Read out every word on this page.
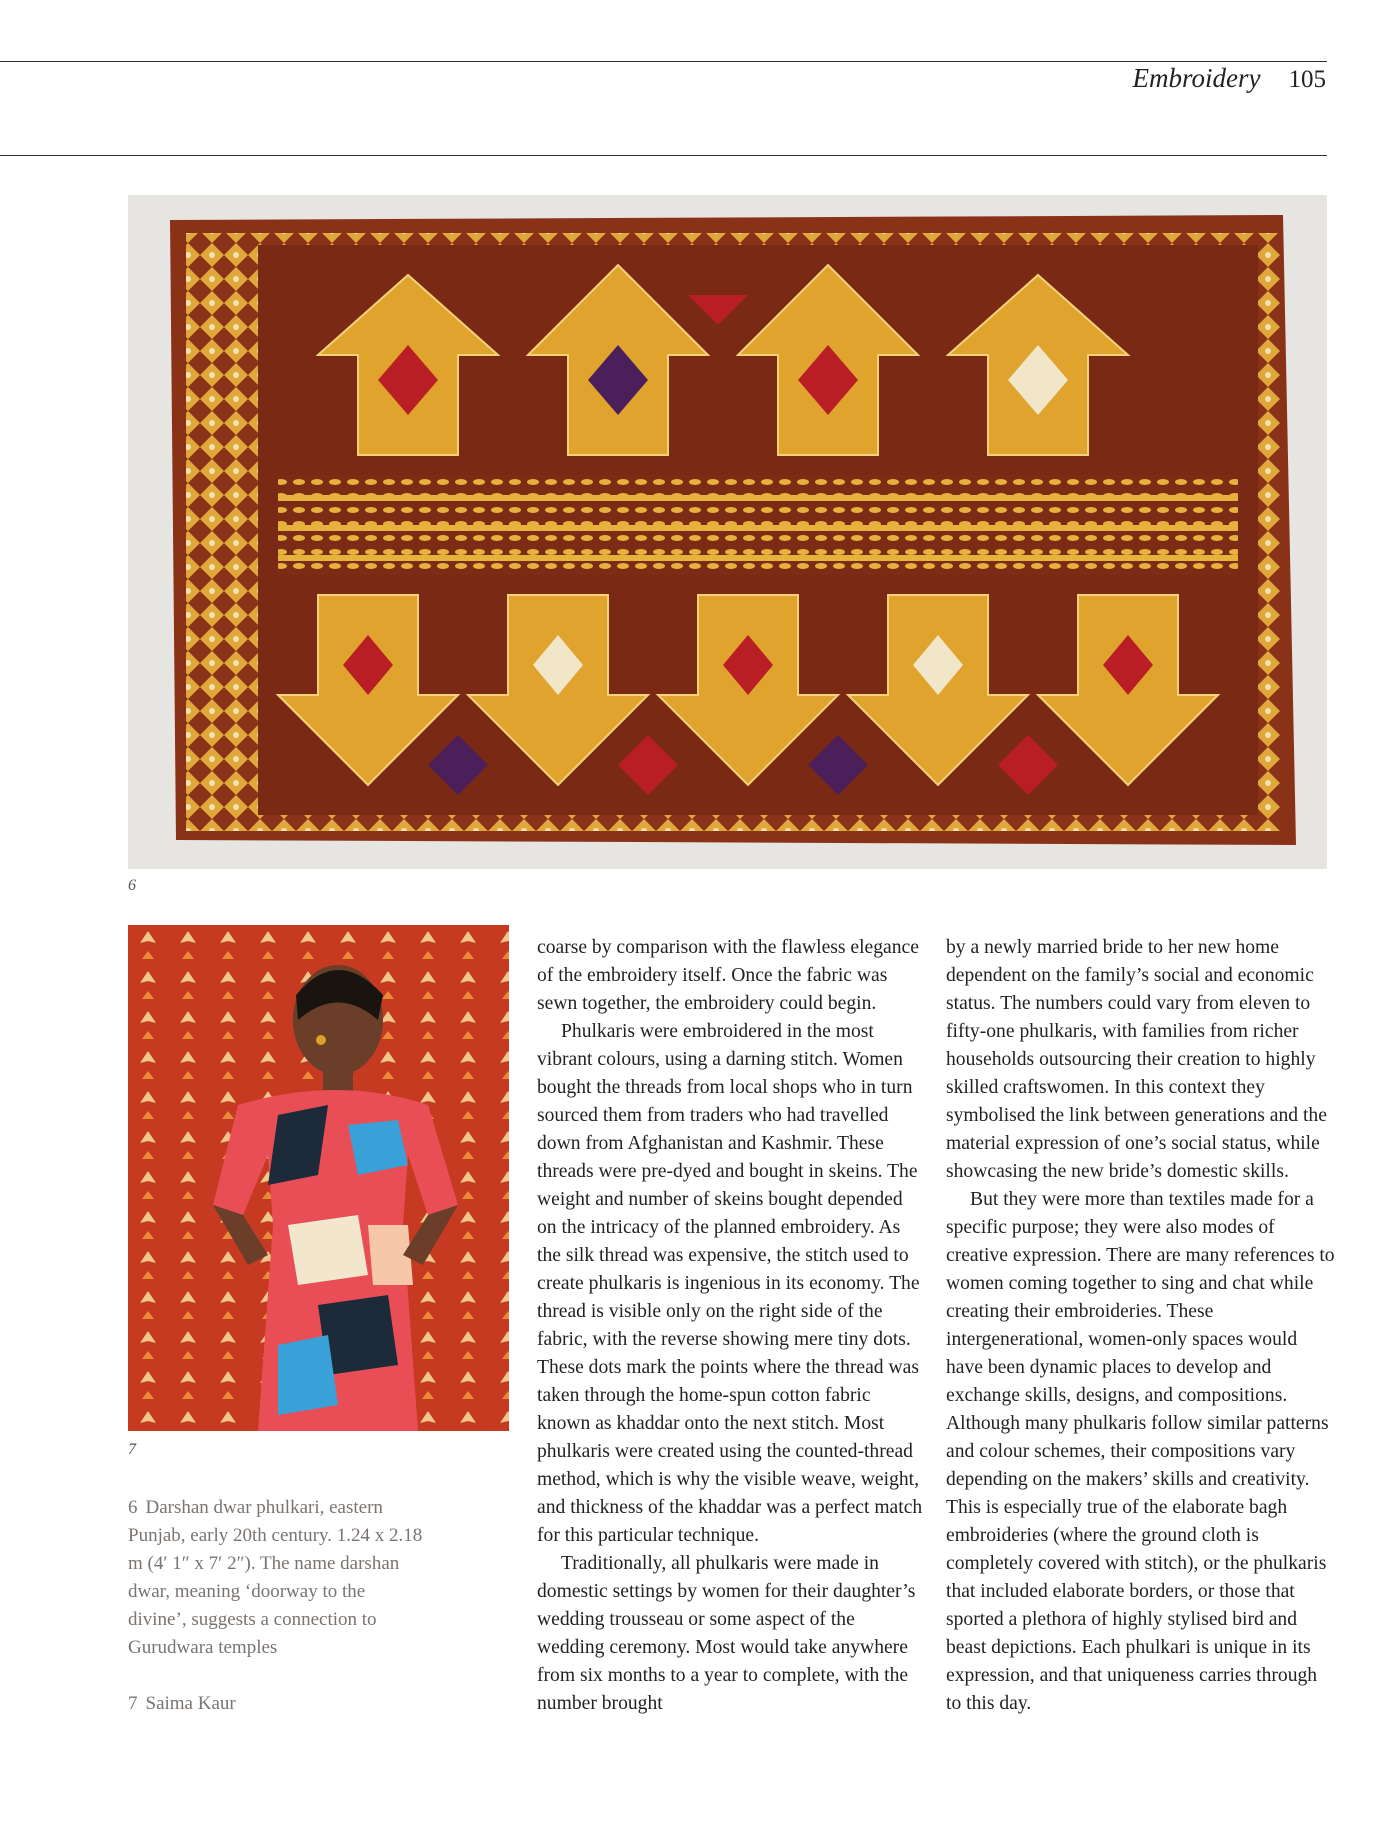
Embroidery 105
6
7

6 Darshan dwar phulkari, eastern Punjab, early 20th century. 1.24 x 2.18 m (4′ 1″ x 7′ 2″). The name darshan dwar, meaning ‘doorway to the divine’, suggests a connection to Gurudwara temples

7 Saima Kaur

coarse by comparison with the flawless elegance of the embroidery itself. Once the fabric was sewn together, the embroidery could begin.

Phulkaris were embroidered in the most vibrant colours, using a darning stitch. Women bought the threads from local shops who in turn sourced them from traders who had travelled down from Afghanistan and Kashmir. These threads were pre-dyed and bought in skeins. The weight and number of skeins bought depended on the intricacy of the planned embroidery. As the silk thread was expensive, the stitch used to create phulkaris is ingenious in its economy. The thread is visible only on the right side of the fabric, with the reverse showing mere tiny dots. These dots mark the points where the thread was taken through the home-spun cotton fabric known as khaddar onto the next stitch. Most phulkaris were created using the counted-thread method, which is why the visible weave, weight, and thickness of the khaddar was a perfect match for this particular technique.

Traditionally, all phulkaris were made in domestic settings by women for their daughter’s wedding trousseau or some aspect of the wedding ceremony. Most would take anywhere from six months to a year to complete, with the number brought

by a newly married bride to her new home dependent on the family’s social and economic status. The numbers could vary from eleven to fifty-one phulkaris, with families from richer households outsourcing their creation to highly skilled craftswomen. In this context they symbolised the link between generations and the material expression of one’s social status, while showcasing the new bride’s domestic skills.

But they were more than textiles made for a specific purpose; they were also modes of creative expression. There are many references to women coming together to sing and chat while creating their embroideries. These intergenerational, women-only spaces would have been dynamic places to develop and exchange skills, designs, and compositions. Although many phulkaris follow similar patterns and colour schemes, their compositions vary depending on the makers’ skills and creativity. This is especially true of the elaborate bagh embroideries (where the ground cloth is completely covered with stitch), or the phulkaris that included elaborate borders, or those that sported a plethora of highly stylised bird and beast depictions. Each phulkari is unique in its expression, and that uniqueness carries through to this day.
